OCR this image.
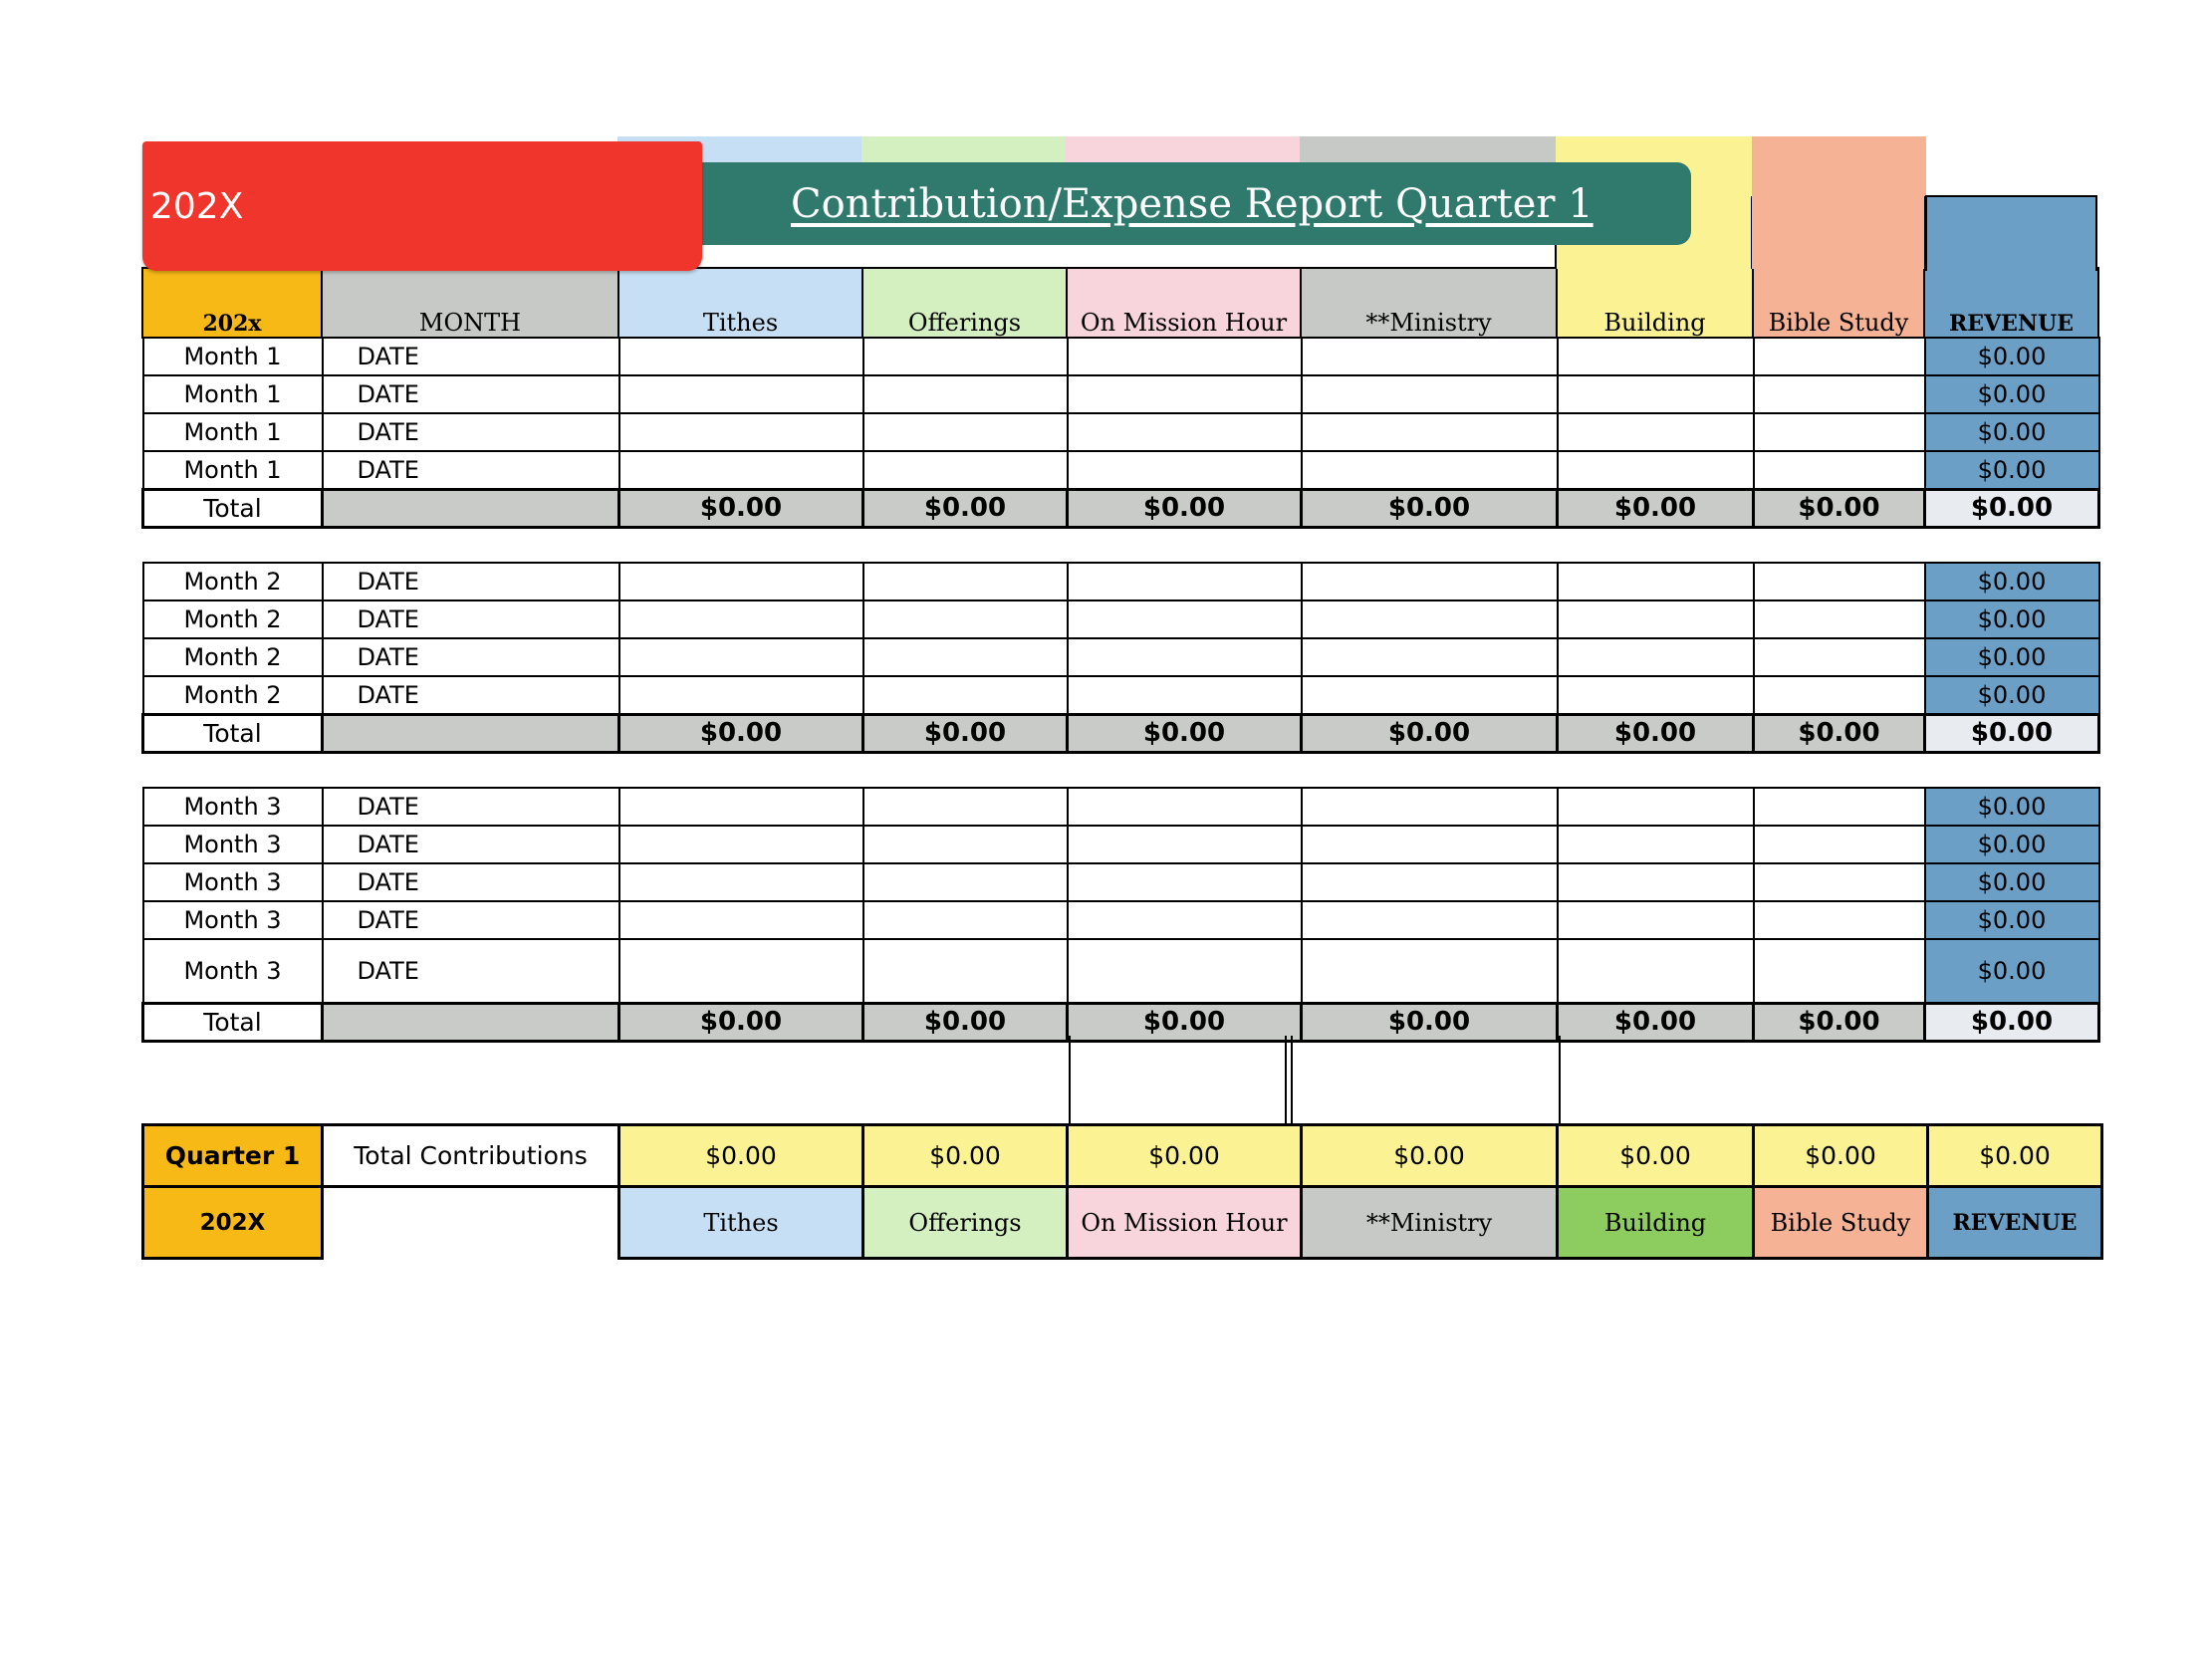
202X	Contribution/Expense Report Quarter 1
202x	MONTH	Tithes	Offerings	On Mission Hour	**Ministry	Building	Bible Study	REVENUE
Month 1	DATE							$0.00
Month 1	DATE							$0.00
Month 1	DATE							$0.00
Month 1	DATE							$0.00
Total		$0.00	$0.00	$0.00	$0.00	$0.00	$0.00	$0.00
Month 2	DATE							$0.00
Month 2	DATE							$0.00
Month 2	DATE							$0.00
Month 2	DATE							$0.00
Total		$0.00	$0.00	$0.00	$0.00	$0.00	$0.00	$0.00
Month 3	DATE							$0.00
Month 3	DATE							$0.00
Month 3	DATE							$0.00
Month 3	DATE							$0.00
Month 3	DATE							$0.00
Total		$0.00	$0.00	$0.00	$0.00	$0.00	$0.00	$0.00
Quarter 1	Total Contributions	$0.00	$0.00	$0.00	$0.00	$0.00	$0.00	$0.00
202X		Tithes	Offerings	On Mission Hour	**Ministry	Building	Bible Study	REVENUE
